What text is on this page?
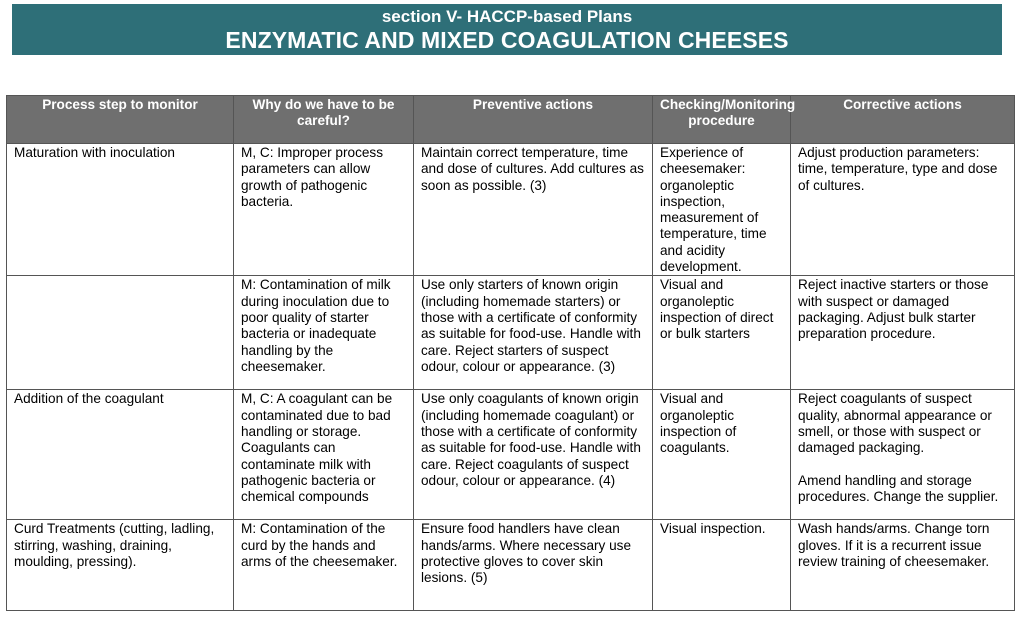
section V- HACCP-based Plans
ENZYMATIC AND MIXED COAGULATION CHEESES
Process step to monitor	Why do we have to be careful?	Preventive actions	Checking/Monitoring procedure	Corrective actions
Maturation with inoculation	M, C: Improper process parameters can allow growth of pathogenic bacteria.	Maintain correct temperature, time and dose of cultures. Add cultures as soon as possible. (3)	Experience of cheesemaker: organoleptic inspection, measurement of temperature, time and acidity development.	Adjust production parameters: time, temperature, type and dose of cultures.
	M: Contamination of milk during inoculation due to poor quality of starter bacteria or inadequate handling by the cheesemaker.	Use only starters of known origin (including homemade starters) or those with a certificate of conformity as suitable for food-use. Handle with care. Reject starters of suspect odour, colour or appearance. (3)	Visual and organoleptic inspection of direct or bulk starters	Reject inactive starters or those with suspect or damaged packaging. Adjust bulk starter preparation procedure.
Addition of the coagulant	M, C: A coagulant can be contaminated due to bad handling or storage. Coagulants can contaminate milk with pathogenic bacteria or chemical compounds	Use only coagulants of known origin (including homemade coagulant) or those with a certificate of conformity as suitable for food-use. Handle with care. Reject coagulants of suspect odour, colour or appearance. (4)	Visual and organoleptic inspection of coagulants.	Reject coagulants of suspect quality, abnormal appearance or smell, or those with suspect or damaged packaging.
Amend handling and storage procedures. Change the supplier.

Curd Treatments (cutting, ladling, stirring, washing, draining, moulding, pressing).	M: Contamination of the curd by the hands and arms of the cheesemaker.	Ensure food handlers have clean hands/arms. Where necessary use protective gloves to cover skin lesions. (5)	Visual inspection.	Wash hands/arms. Change torn gloves. If it is a recurrent issue review training of cheesemaker.
